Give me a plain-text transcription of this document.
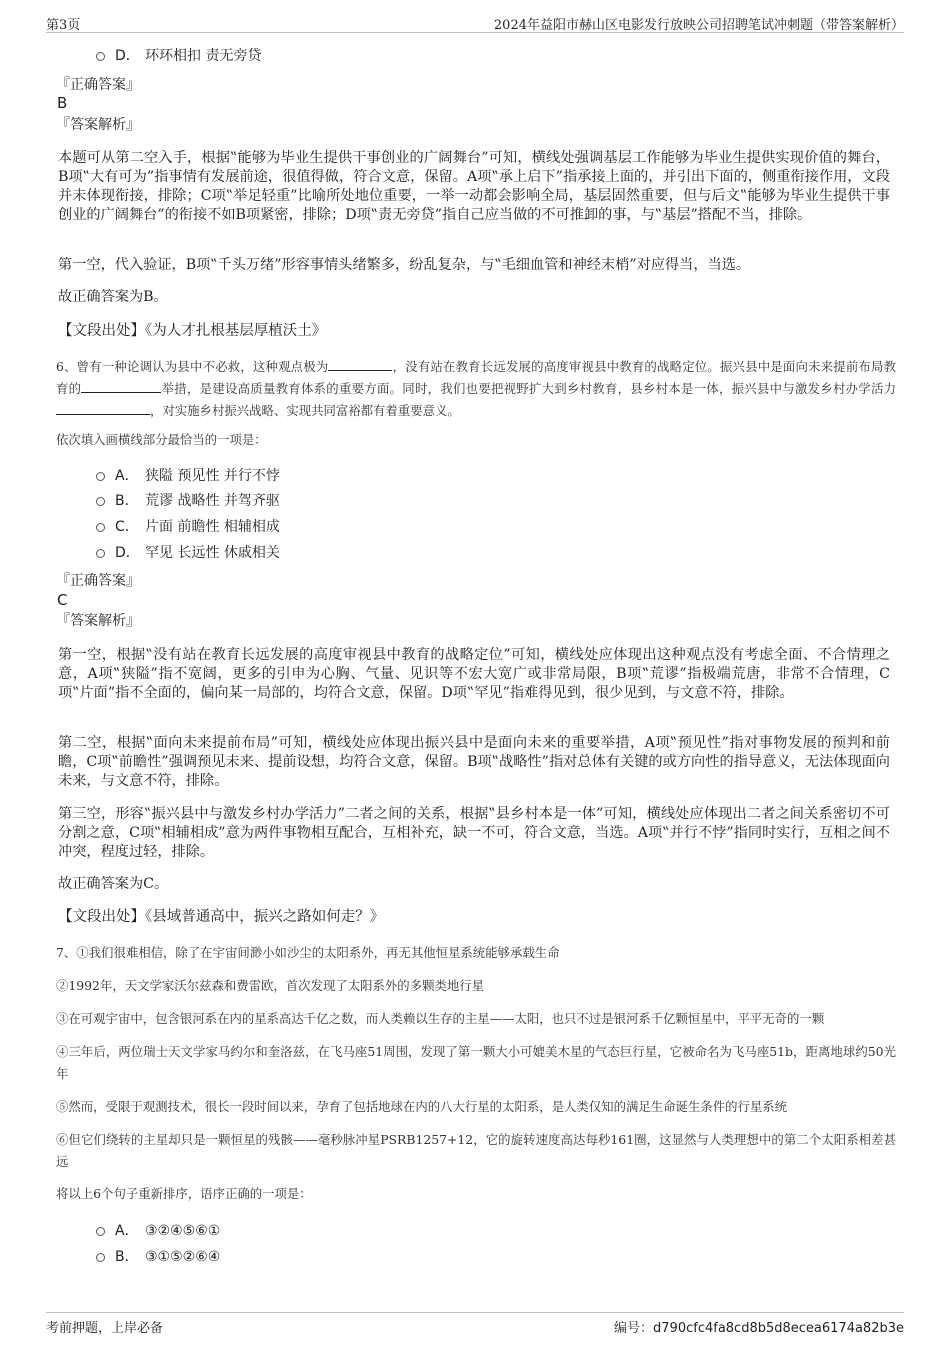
第3页	2024年益阳市赫山区电影发行放映公司招聘笔试冲刺题（带答案解析）
D． 环环相扣 责无旁贷
『正确答案』
B
『答案解析』
本题可从第二空入手，根据‟能够为毕业生提供干事创业的广阔舞台”可知，横线处强调基层工作能够为毕业生提供实现价值的舞台，B项‟大有可为”指事情有发展前途，很值得做，符合文意，保留。A项‟承上启下”指承接上面的，并引出下面的，侧重衔接作用，文段并未体现衔接，排除；C项‟举足轻重”比喻所处地位重要，一举一动都会影响全局，基层固然重要，但与后文‟能够为毕业生提供干事创业的广阔舞台”的衔接不如B项紧密，排除；D项‟责无旁贷”指自己应当做的不可推卸的事，与‟基层”搭配不当，排除。
第一空，代入验证，B项‟千头万绪”形容事情头绪繁多，纷乱复杂，与‟毛细血管和神经末梢”对应得当，当选。
故正确答案为B。
【文段出处】《为人才扎根基层厚植沃土》
6、曾有一种论调认为县中不必救，这种观点极为	，没有站在教育长远发展的高度审视县中教育的战略定位。振兴县中是面向未来提前布局教育的	举措，是建设高质量教育体系的重要方面。同时，我们也要把视野扩大到乡村教育，县乡村本是一体，振兴县中与激发乡村办学活力，对实施乡村振兴战略、实现共同富裕都有着重要意义。
依次填入画横线部分最恰当的一项是：
A． 狭隘 预见性 并行不悖
B． 荒谬 战略性 并驾齐驱
C． 片面 前瞻性 相辅相成
D． 罕见 长远性 休戚相关
『正确答案』
C
『答案解析』
第一空，根据‟没有站在教育长远发展的高度审视县中教育的战略定位”可知，横线处应体现出这种观点没有考虑全面、不合情理之意，A项‟狭隘”指不宽阔，更多的引申为心胸、气量、见识等不宏大宽广或非常局限，B项‟荒谬”指极端荒唐，非常不合情理，C项‟片面”指不全面的，偏向某一局部的，均符合文意，保留。D项‟罕见”指难得见到，很少见到，与文意不符，排除。
第二空，根据‟面向未来提前布局”可知，横线处应体现出振兴县中是面向未来的重要举措，A项‟预见性”指对事物发展的预判和前瞻，C项‟前瞻性”强调预见未来、提前设想，均符合文意，保留。B项‟战略性”指对总体有关键的或方向性的指导意义，无法体现面向未来，与文意不符，排除。
第三空，形容‟振兴县中与激发乡村办学活力”二者之间的关系，根据‟县乡村本是一体”可知，横线处应体现出二者之间关系密切不可分割之意，C项‟相辅相成”意为两件事物相互配合，互相补充，缺一不可，符合文意，当选。A项‟并行不悖”指同时实行，互相之间不冲突，程度过轻，排除。
故正确答案为C。
【文段出处】《县域普通高中，振兴之路如何走？》
7、①我们很难相信，除了在宇宙间渺小如沙尘的太阳系外，再无其他恒星系统能够承载生命
②1992年，天文学家沃尔兹森和费雷欧，首次发现了太阳系外的多颗类地行星
③在可观宇宙中，包含银河系在内的星系高达千亿之数，而人类赖以生存的主星——太阳，也只不过是银河系千亿颗恒星中，平平无奇的一颗
④三年后，两位瑞士天文学家马约尔和奎洛兹，在飞马座51周围，发现了第一颗大小可媲美木星的气态巨行星，它被命名为飞马座51b，距离地球约50光年
⑤然而，受限于观测技术，很长一段时间以来，孕育了包括地球在内的八大行星的太阳系，是人类仅知的满足生命诞生条件的行星系统
⑥但它们绕转的主星却只是一颗恒星的残骸——毫秒脉冲星PSRB1257+12，它的旋转速度高达每秒161圈，这显然与人类理想中的第二个太阳系相差甚远
将以上6个句子重新排序，语序正确的一项是：
A． ③②④⑤⑥①
B． ③①⑤②⑥④
考前押题，上岸必备	编号：d790cfc4fa8cd8b5d8ecea6174a82b3e
